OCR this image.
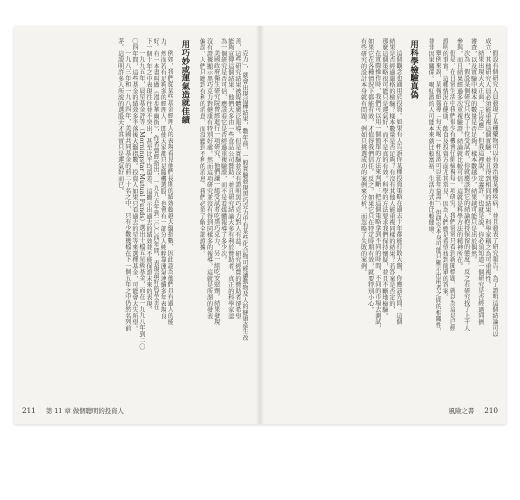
克力」，就會出現這種結果，數年前，一般實驗發現黑巧克力中有某些化合物可能讓動物及人的健康產生改
善，這些研究結果被媒體廣泛報導。但是實驗並沒有證明黑巧克力對人有益。研究經費的贊助者卻希望
能夠宣傳這個結果，他們大多由一些食品公司贊助，並且研究結論大多有利於贊助者。真正的科學家認
為一個研究是否可信，應該看它是否經過重複驗證，而不是看媒體報導了多少次。
美國政府衛生研究院曾經進行一項研究，他們讓一組受試者吃黑巧克力，另一組吃安慰劑。結果發現
沒有證據顯示黑巧克力對健康有特別好處。然而這項研究並沒有得到同樣多的報導，這就是所謂的發表
偏誤，人們只聽到有利的消息，而沒聽到不利的消息。我們必須了解全部證據。
用巧妙或運氣造就佳績
例如，我們從某些基金經理人的表現看見他們長期的績效超越大盤指數，因此認為他們具有過人的能
力。然而若有足夠多的經理人，即使大家都只是隨機選股，也會有一部分人純粹靠運氣連續多年表現良
好。有一本書叫做《漫步華爾街》，作者曾經指出，一九九五年到二〇〇四年間，表現最好的基金在
下一個十年之中表現往往並不突出，甚至比平均還差。這顯示出過去的績效並不能保證未來的表現。
一九九五年，晨星基金評等（Morningstar Mutual Funds）選出十檔五星級基金，而在一九九八年到二〇
〇四年間，這些基金的績效多半落後大盤指數。投資人如果只看過去的星等來選擇基金，可能會大失所望。
一九八三年和一九八四年，美國共同基金的前二十名之中，只有少數幾檔在下一個五年之中仍然名列前
茅。這說明許多人所說的選股天才其實只是運氣好而已。
211 第 11 章 做個聰明的投資人
假設有個研究人員發現了某種藥物可以有效治療某種疾病，並且發表了研究報告。為了證明這個結論可以
成立，其他研究人員必須能重複這個實驗，並且得到相同的結果。科學家稱之為可重複性。
結果出現大大正面，「正反應」，但我這裡說，定義許，也就是說，你必須知道一個研究是否經過同儕
審查，以及實驗中樣本的數量是否足夠。樣本數越少，結果越可能只是出於偶然。
次為，假設某個研究只找了十位受試者，你就應該對它的結論抱持保留的態度。反之若研究找了上千人
參與，而且結果經過多次重複驗證，結論就比較可信。這就是科學方法的精神所在。
但是，在日常生活中我們很少有機會仔細檢視每一項研究。我們常常只看到新聞標題，就以為這是已經
證明的事實。這種情況在健康、飲食及投資方面尤其常見，因為人們總是希望找到簡單的答案。
舉例來說，某報紙報導「每天喝一杯紅酒可以延年益壽」，但研究本身可能只顯示出兩者之間的相關性，
並非因果關係。喝紅酒的人可能本來就比較富裕，生活方式也比較健康。
用科學檢驗真偽
這個觀念也適用於投資。如果有人告訴你某種投資策略在過去十年都能打敗大盤，你應該先問：這個
結果是否經過嚴格的檢驗？樣本數量是否足夠？有沒有其他人能重複同樣的結果？若答案是否定的，
那麼這個策略很可能只是運氣好，而不是真的有效。科學的方法要求我們保持懷疑，並且不斷地檢驗。
在實際操作時，我們可以用一個簡單的方法來判斷：把這個策略拿到不同的時間、不同的市場去測試，
如果它在各種情況下都能有效，才值得我們信任。反之，如果它只在特定時期有效，就要特別小心。
有些研究的設計本身就有問題，例如只挑選成功的案例來分析，而忽略了失敗的案例。
風險之書 210
